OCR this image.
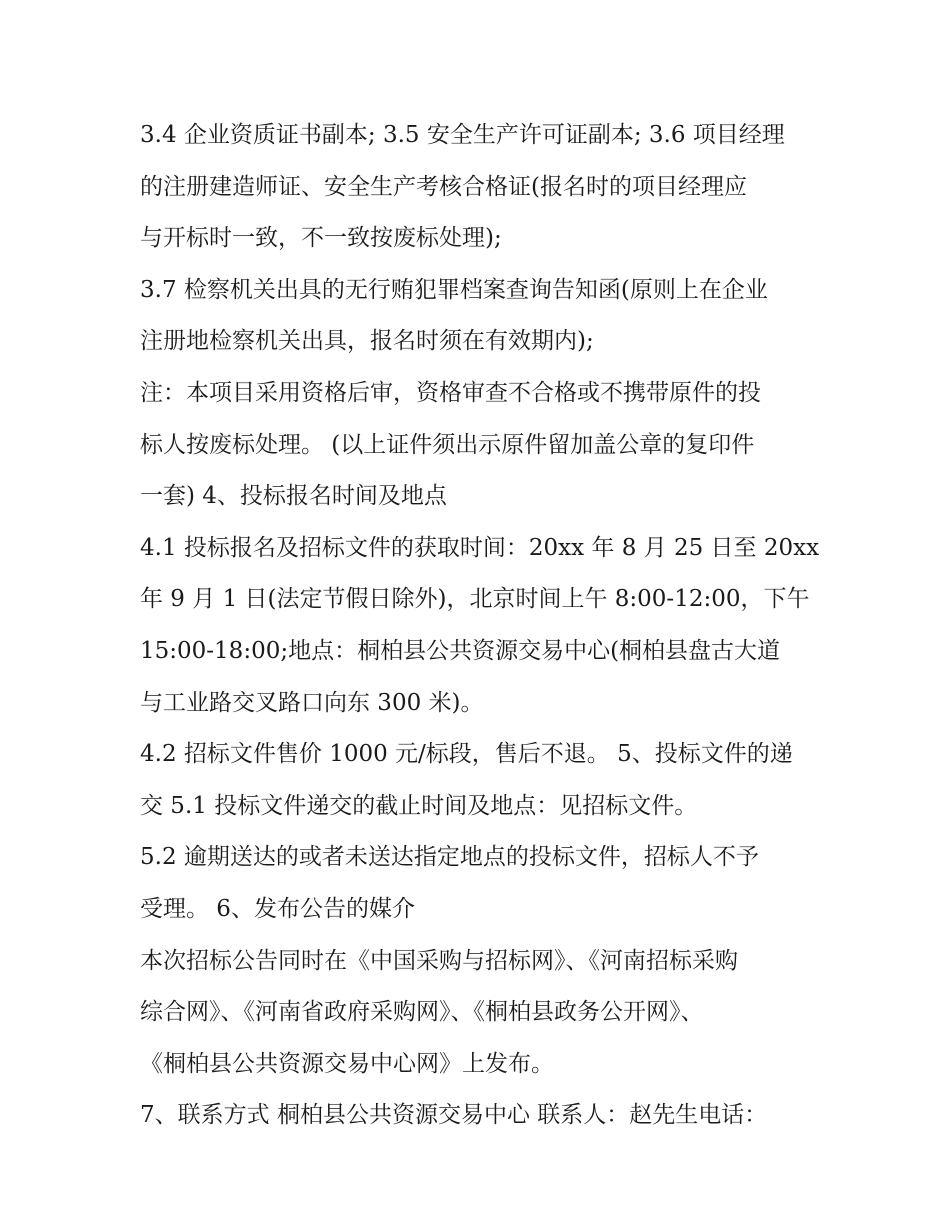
3.4 企业资质证书副本; 3.5 安全生产许可证副本; 3.6 项目经理
的注册建造师证、安全生产考核合格证(报名时的项目经理应
与开标时一致，不一致按废标处理);
3.7 检察机关出具的无行贿犯罪档案查询告知函(原则上在企业
注册地检察机关出具，报名时须在有效期内);
注：本项目采用资格后审，资格审查不合格或不携带原件的投
标人按废标处理。 (以上证件须出示原件留加盖公章的复印件
一套) 4、投标报名时间及地点
4.1 投标报名及招标文件的获取时间：20xx 年 8 月 25 日至 20xx
年 9 月 1 日(法定节假日除外)，北京时间上午 8:00-12:00，下午
15:00-18:00;地点：桐柏县公共资源交易中心(桐柏县盘古大道
与工业路交叉路口向东 300 米)。
4.2 招标文件售价 1000 元/标段，售后不退。 5、投标文件的递
交 5.1 投标文件递交的截止时间及地点：见招标文件。
5.2 逾期送达的或者未送达指定地点的投标文件，招标人不予
受理。 6、发布公告的媒介
本次招标公告同时在《中国采购与招标网》、《河南招标采购
综合网》、《河南省政府采购网》、《桐柏县政务公开网》、
《桐柏县公共资源交易中心网》上发布。
7、联系方式 桐柏县公共资源交易中心 联系人：赵先生电话：
